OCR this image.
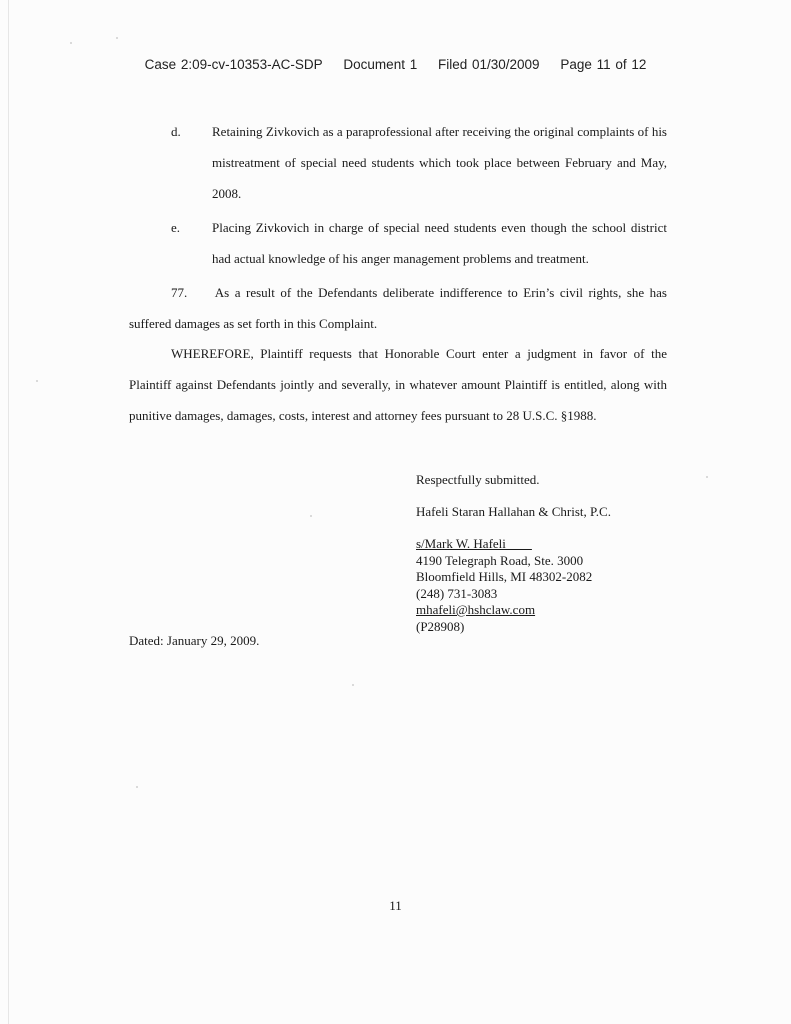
Case 2:09-cv-10353-AC-SDP Document 1 Filed 01/30/2009 Page 11 of 12
d. Retaining Zivkovich as a paraprofessional after receiving the original complaints of his mistreatment of special need students which took place between February and May, 2008.
e. Placing Zivkovich in charge of special need students even though the school district had actual knowledge of his anger management problems and treatment.
77.     As a result of the Defendants deliberate indifference to Erin’s civil rights, she has suffered damages as set forth in this Complaint.
WHEREFORE, Plaintiff requests that Honorable Court enter a judgment in favor of the Plaintiff against Defendants jointly and severally, in whatever amount Plaintiff is entitled, along with punitive damages, damages, costs, interest and attorney fees pursuant to 28 U.S.C. §1988.
Respectfully submitted.
Hafeli Staran Hallahan & Christ, P.C.
s/Mark W. Hafeli
4190 Telegraph Road, Ste. 3000
Bloomfield Hills, MI 48302-2082
(248) 731-3083
mhafeli@hshclaw.com
(P28908)
Dated: January 29, 2009.
11
